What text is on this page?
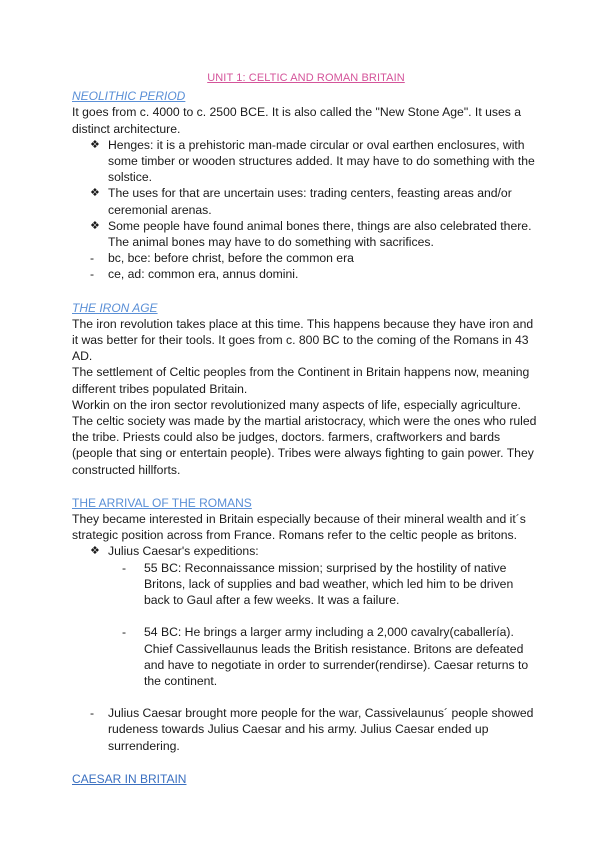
UNIT 1: CELTIC AND ROMAN BRITAIN

NEOLITHIC PERIOD

It goes from c. 4000 to c. 2500 BCE. It is also called the "New Stone Age". It uses a distinct architecture.

❖ Henges: it is a prehistoric man-made circular or oval earthen enclosures, with some timber or wooden structures added. It may have to do something with the solstice.
❖ The uses for that are uncertain uses: trading centers, feasting areas and/or ceremonial arenas.
❖ Some people have found animal bones there, things are also celebrated there. The animal bones may have to do something with sacrifices.
- bc, bce: before christ, before the common era
- ce, ad: common era, annus domini.

THE IRON AGE

The iron revolution takes place at this time. This happens because they have iron and it was better for their tools. It goes from c. 800 BC to the coming of the Romans in 43 AD.

The settlement of Celtic peoples from the Continent in Britain happens now, meaning different tribes populated Britain.

Workin on the iron sector revolutionized many aspects of life, especially agriculture. The celtic society was made by the martial aristocracy, which were the ones who ruled the tribe. Priests could also be judges, doctors. farmers, craftworkers and bards (people that sing or entertain people). Tribes were always fighting to gain power. They constructed hillforts.

THE ARRIVAL OF THE ROMANS

They became interested in Britain especially because of their mineral wealth and it´s strategic position across from France. Romans refer to the celtic people as britons.

❖ Julius Caesar's expeditions:
- 55 BC: Reconnaissance mission; surprised by the hostility of native Britons, lack of supplies and bad weather, which led him to be driven back to Gaul after a few weeks. It was a failure.
- 54 BC: He brings a larger army including a 2,000 cavalry(caballería). Chief Cassivellaunus leads the British resistance. Britons are defeated and have to negotiate in order to surrender(rendirse). Caesar returns to the continent.
- Julius Caesar brought more people for the war, Cassivelaunus´ people showed rudeness towards Julius Caesar and his army. Julius Caesar ended up surrendering.

CAESAR IN BRITAIN
